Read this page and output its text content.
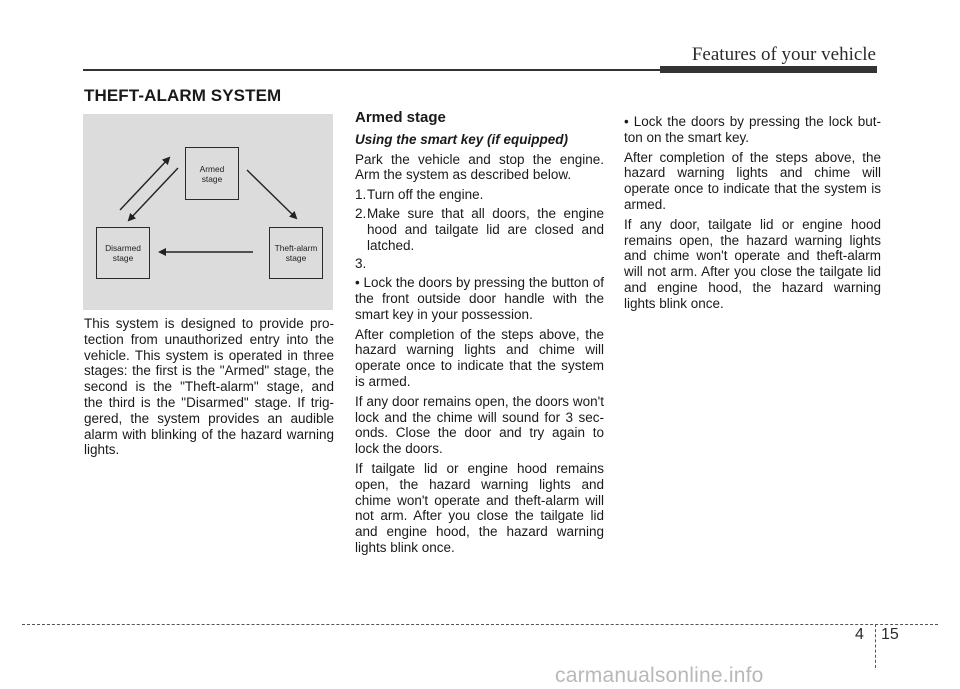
Features of your vehicle
THEFT-ALARM SYSTEM
Armed
stage
Theft-alarm
stage
Disarmed
stage

This system is designed to provide pro-tection from unauthorized entry into the vehicle. This system is operated in three stages: the first is the "Armed" stage, the second is the "Theft-alarm" stage, and the third is the "Disarmed" stage. If trig-gered, the system provides an audible alarm with blinking of the hazard warning lights.

Armed stage

Using the smart key (if equipped)

Park the vehicle and stop the engine. Arm the system as described below.

1. Turn off the engine.
2. Make sure that all doors, the engine hood and tailgate lid are closed and latched.
3.

• Lock the doors by pressing the button of the front outside door handle with the smart key in your possession.

After completion of the steps above, the hazard warning lights and chime will operate once to indicate that the system is armed.

If any door remains open, the doors won't lock and the chime will sound for 3 sec-onds. Close the door and try again to lock the doors.

If tailgate lid or engine hood remains open, the hazard warning lights and chime won't operate and theft-alarm will not arm. After you close the tailgate lid and engine hood, the hazard warning lights blink once.

• Lock the doors by pressing the lock but-ton on the smart key.

After completion of the steps above, the hazard warning lights and chime will operate once to indicate that the system is armed.

If any door, tailgate lid or engine hood remains open, the hazard warning lights and chime won't operate and theft-alarm will not arm. After you close the tailgate lid and engine hood, the hazard warning lights blink once.

4 15
carmanualsonline.info
